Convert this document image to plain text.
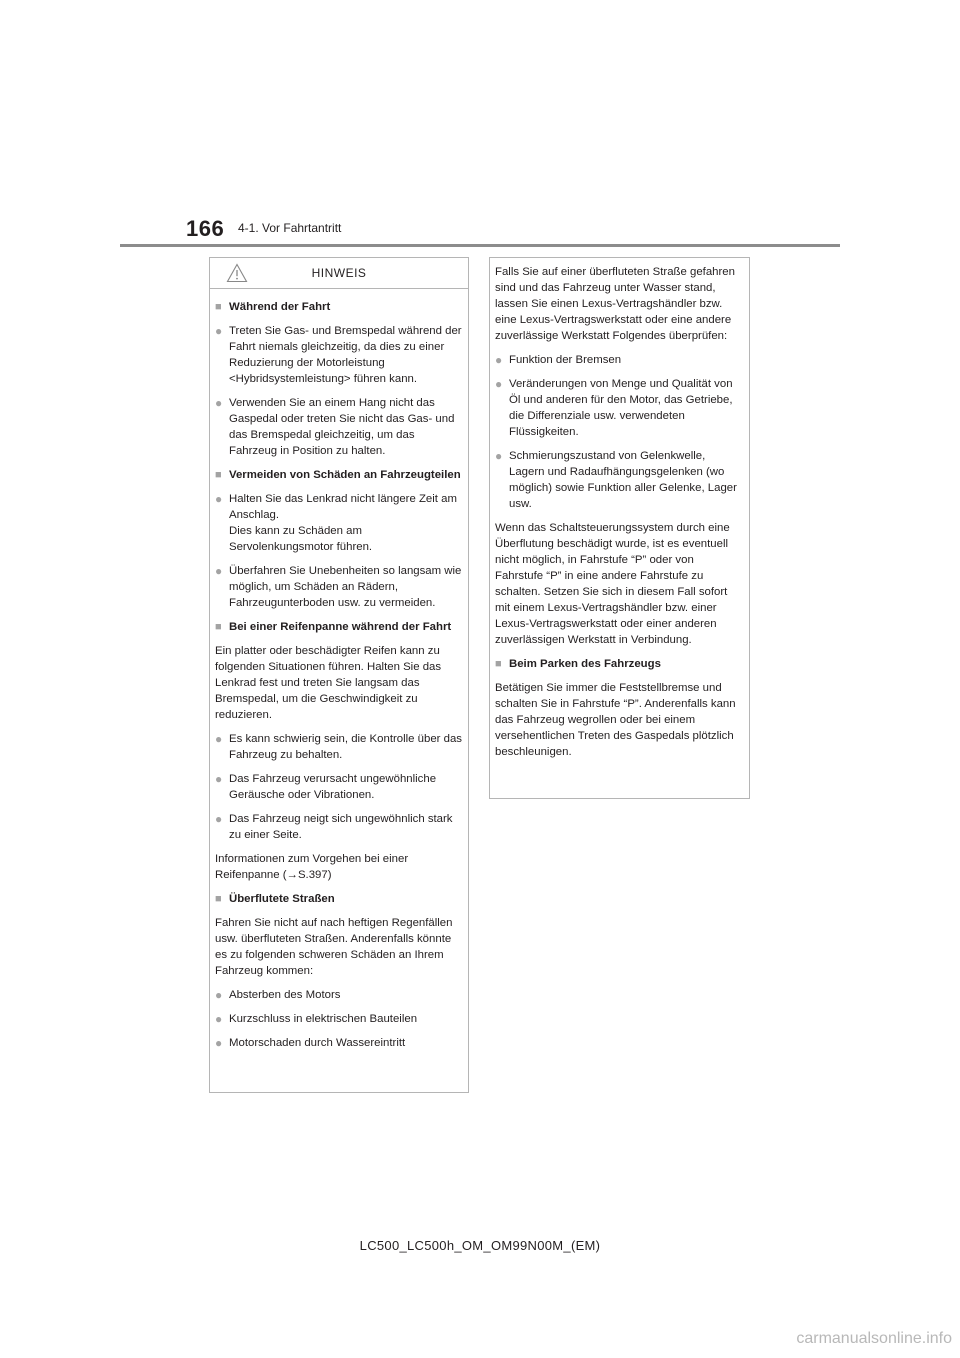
166 4-1. Vor Fahrtantritt
HINWEIS
■ Während der Fahrt
● Treten Sie Gas- und Bremspedal während der Fahrt niemals gleichzeitig, da dies zu einer Reduzierung der Motorleistung <Hybridsystemleistung> führen kann.
● Verwenden Sie an einem Hang nicht das Gaspedal oder treten Sie nicht das Gas- und das Bremspedal gleichzeitig, um das Fahrzeug in Position zu halten.
■ Vermeiden von Schäden an Fahrzeugteilen
● Halten Sie das Lenkrad nicht längere Zeit am Anschlag.
Dies kann zu Schäden am Servolenkungsmotor führen.
● Überfahren Sie Unebenheiten so langsam wie möglich, um Schäden an Rädern, Fahrzeugunterboden usw. zu vermeiden.
■ Bei einer Reifenpanne während der Fahrt
Ein platter oder beschädigter Reifen kann zu folgenden Situationen führen. Halten Sie das Lenkrad fest und treten Sie langsam das Bremspedal, um die Geschwindigkeit zu reduzieren.
● Es kann schwierig sein, die Kontrolle über das Fahrzeug zu behalten.
● Das Fahrzeug verursacht ungewöhnliche Geräusche oder Vibrationen.
● Das Fahrzeug neigt sich ungewöhnlich stark zu einer Seite.
Informationen zum Vorgehen bei einer Reifenpanne (→S.397)
■ Überflutete Straßen
Fahren Sie nicht auf nach heftigen Regenfällen usw. überfluteten Straßen. Anderenfalls könnte es zu folgenden schweren Schäden an Ihrem Fahrzeug kommen:
● Absterben des Motors
● Kurzschluss in elektrischen Bauteilen
● Motorschaden durch Wassereintritt
Falls Sie auf einer überfluteten Straße gefahren sind und das Fahrzeug unter Wasser stand, lassen Sie einen Lexus-Vertragshändler bzw. eine Lexus-Vertragswerkstatt oder eine andere zuverlässige Werkstatt Folgendes überprüfen:
● Funktion der Bremsen
● Veränderungen von Menge und Qualität von Öl und anderen für den Motor, das Getriebe, die Differenziale usw. verwendeten Flüssigkeiten.
● Schmierungszustand von Gelenkwelle, Lagern und Radaufhängungsgelenken (wo möglich) sowie Funktion aller Gelenke, Lager usw.
Wenn das Schaltsteuerungssystem durch eine Überflutung beschädigt wurde, ist es eventuell nicht möglich, in Fahrstufe “P” oder von Fahrstufe “P” in eine andere Fahrstufe zu schalten. Setzen Sie sich in diesem Fall sofort mit einem Lexus-Vertragshändler bzw. einer Lexus-Vertragswerkstatt oder einer anderen zuverlässigen Werkstatt in Verbindung.
■ Beim Parken des Fahrzeugs
Betätigen Sie immer die Feststellbremse und schalten Sie in Fahrstufe “P”. Anderenfalls kann das Fahrzeug wegrollen oder bei einem versehentlichen Treten des Gaspedals plötzlich beschleunigen.
LC500_LC500h_OM_OM99N00M_(EM)
carmanualsonline.info
